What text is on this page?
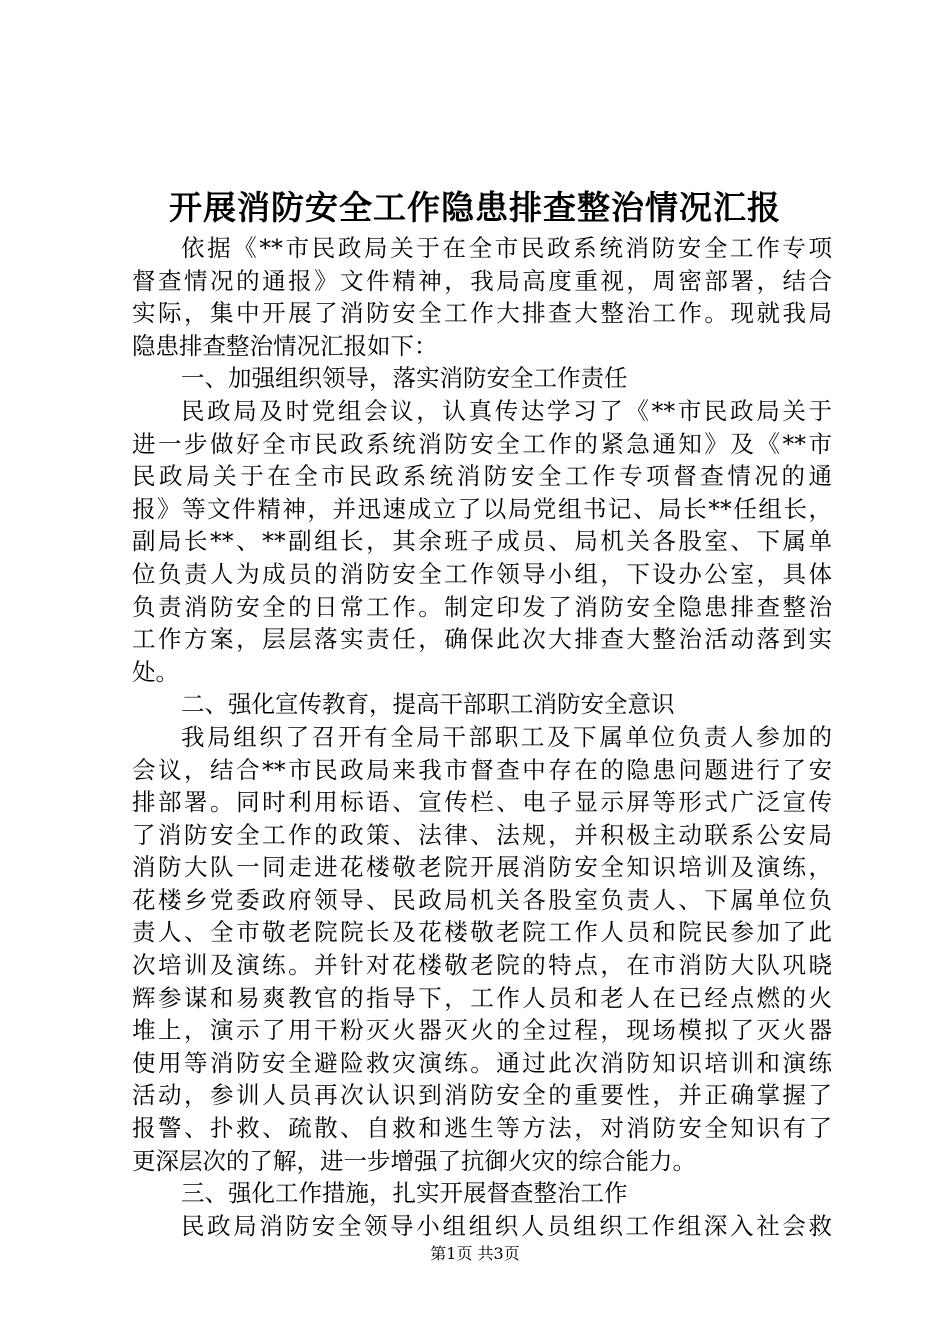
开展消防安全工作隐患排查整治情况汇报
依据《**市民政局关于在全市民政系统消防安全工作专项
督查情况的通报》文件精神，我局高度重视，周密部署，结合
实际，集中开展了消防安全工作大排查大整治工作。现就我局
隐患排查整治情况汇报如下：
一、加强组织领导，落实消防安全工作责任
民政局及时党组会议，认真传达学习了《**市民政局关于
进一步做好全市民政系统消防安全工作的紧急通知》及《**市
民政局关于在全市民政系统消防安全工作专项督查情况的通
报》等文件精神，并迅速成立了以局党组书记、局长**任组长，
副局长**、**副组长，其余班子成员、局机关各股室、下属单
位负责人为成员的消防安全工作领导小组，下设办公室，具体
负责消防安全的日常工作。制定印发了消防安全隐患排查整治
工作方案，层层落实责任，确保此次大排查大整治活动落到实
处。
二、强化宣传教育，提高干部职工消防安全意识
我局组织了召开有全局干部职工及下属单位负责人参加的
会议，结合**市民政局来我市督查中存在的隐患问题进行了安
排部署。同时利用标语、宣传栏、电子显示屏等形式广泛宣传
了消防安全工作的政策、法律、法规，并积极主动联系公安局
消防大队一同走进花楼敬老院开展消防安全知识培训及演练，
花楼乡党委政府领导、民政局机关各股室负责人、下属单位负
责人、全市敬老院院长及花楼敬老院工作人员和院民参加了此
次培训及演练。并针对花楼敬老院的特点，在市消防大队巩晓
辉参谋和易爽教官的指导下，工作人员和老人在已经点燃的火
堆上，演示了用干粉灭火器灭火的全过程，现场模拟了灭火器
使用等消防安全避险救灾演练。通过此次消防知识培训和演练
活动，参训人员再次认识到消防安全的重要性，并正确掌握了
报警、扑救、疏散、自救和逃生等方法，对消防安全知识有了
更深层次的了解，进一步增强了抗御火灾的综合能力。
三、强化工作措施，扎实开展督查整治工作
民政局消防安全领导小组组织人员组织工作组深入社会救
第1页 共3页
